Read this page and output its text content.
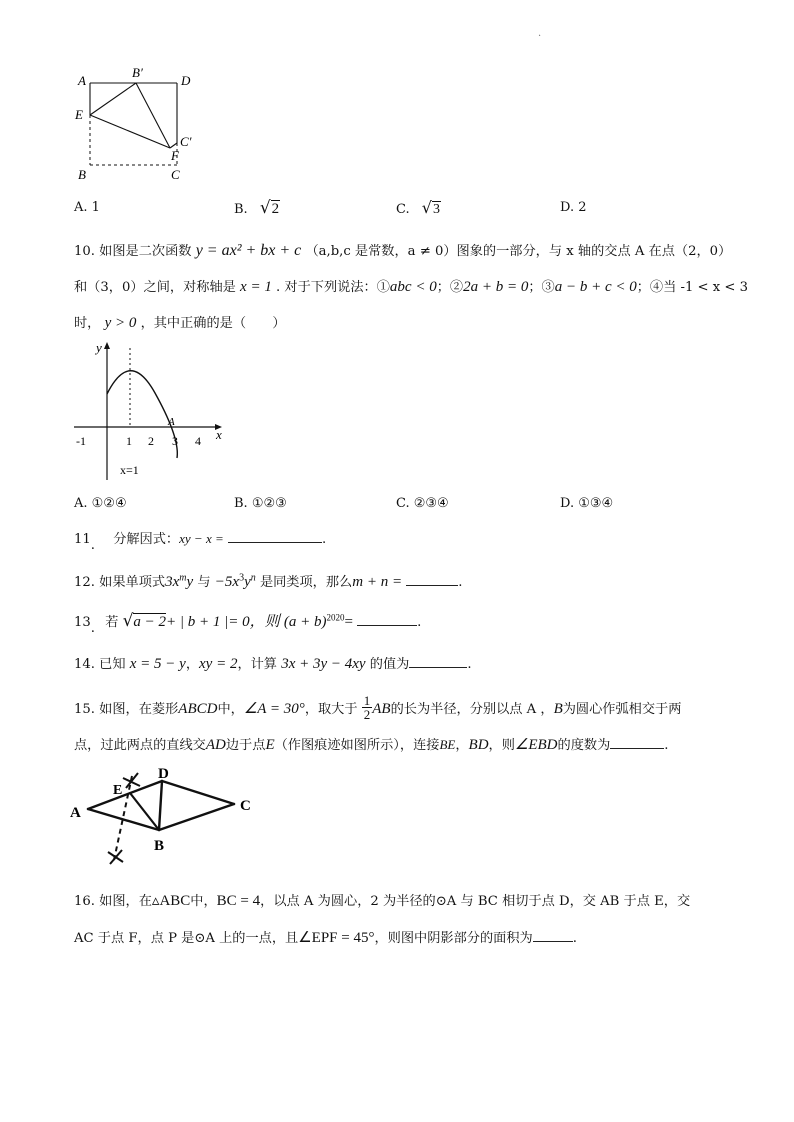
.
A
B′
D
E
C′
F
B	C
A. 1	B. √2	C. √3	D. 2
10. 如图是二次函数 y = ax² + bx + c （a,b,c 是常数，a ≠ 0）图象的一部分，与 x 轴的交点 A 在点（2，0）
和（3，0）之间，对称轴是 x = 1 . 对于下列说法：①abc < 0；②2a + b = 0；③a − b + c < 0；④当 -1 < x < 3
时， y > 0 ，其中正确的是（　　）
y
x
-1	1 2 3 4
A
x=1
A. ①②④	B. ①②③	C. ②③④	D. ①③④
11. 分解因式：xy − x =	.
12. 如果单项式$3x^my$ 与 $-5x^3y^n$ 是同类项，那么m + n =	.
13. 若 √a − 2+ | b + 1 |= 0，则 $(a + b)^{2020}=$	.
14. 已知 x = 5 − y，xy = 2，计算 3x + 3y − 4xy 的值为	.
15. 如图，在菱形ABCD中，∠A = 30°，取大于 $\frac{1}{2}$ AB的长为半径，分别以点 A ，B为圆心作弧相交于两
点，过此两点的直线交AD边于点E（作图痕迹如图所示），连接BE，BD，则∠EBD的度数为	.
A
E
D
C
B
16. 如图，在▵ABC中，BC = 4，以点 A 为圆心，2 为半径的⊙A 与 BC 相切于点 D，交 AB 于点 E，交
AC 于点 F，点 P 是⊙A 上的一点，且∠EPF = 45°，则图中阴影部分的面积为	.
